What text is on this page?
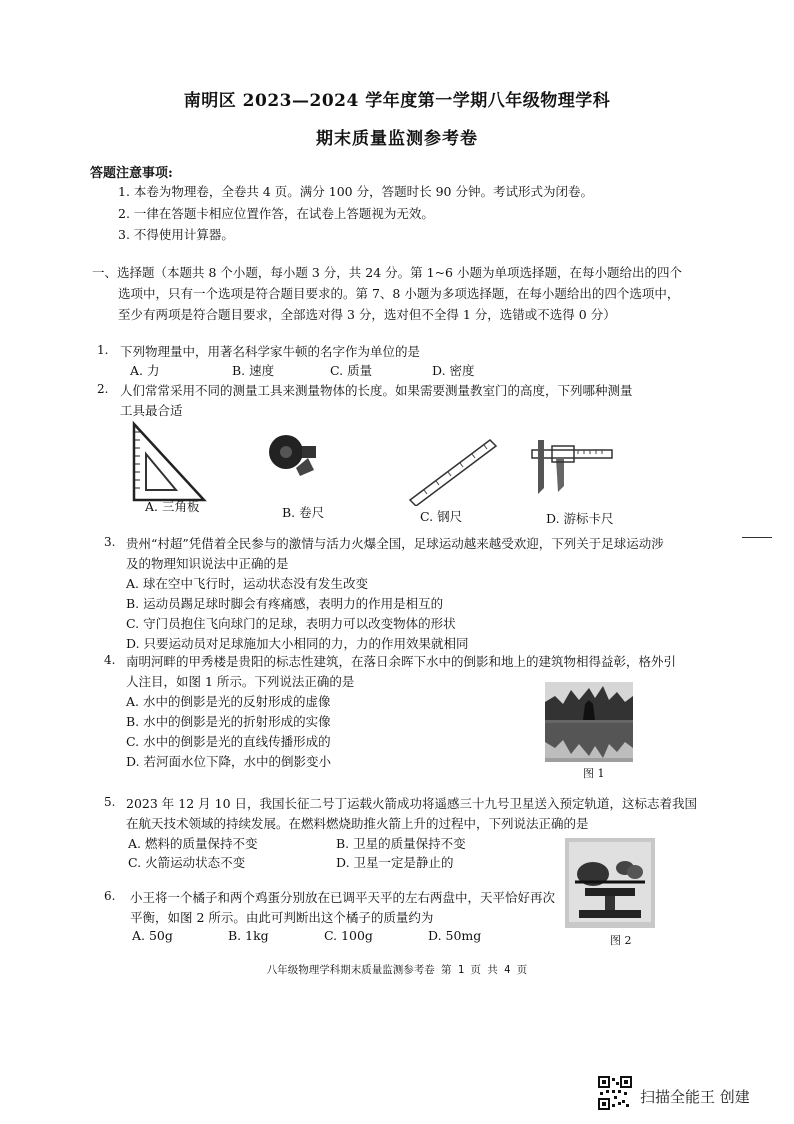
南明区 2023—2024 学年度第一学期八年级物理学科
期末质量监测参考卷
答题注意事项:
1. 本卷为物理卷，全卷共 4 页。满分 100 分，答题时长 90 分钟。考试形式为闭卷。
2. 一律在答题卡相应位置作答，在试卷上答题视为无效。
3. 不得使用计算器。
一、选择题（本题共 8 个小题，每小题 3 分，共 24 分。第 1~6 小题为单项选择题，在每小题给出的四个
选项中，只有一个选项是符合题目要求的。第 7、8 小题为多项选择题，在每小题给出的四个选项中，
至少有两项是符合题目要求，全部选对得 3 分，选对但不全得 1 分，选错或不选得 0 分）
1. 下列物理量中，用著名科学家牛顿的名字作为单位的是
A. 力	B. 速度	C. 质量	D. 密度
2. 人们常常采用不同的测量工具来测量物体的长度。如果需要测量教室门的高度，下列哪种测量
工具最合适
A. 三角板	B. 卷尺	C. 钢尺	D. 游标卡尺
3. 贵州“村超”凭借着全民参与的激情与活力火爆全国，足球运动越来越受欢迎，下列关于足球运动涉
及的物理知识说法中正确的是
A. 球在空中飞行时，运动状态没有发生改变
B. 运动员踢足球时脚会有疼痛感，表明力的作用是相互的
C. 守门员抱住飞向球门的足球，表明力可以改变物体的形状
D. 只要运动员对足球施加大小相同的力，力的作用效果就相同
4. 南明河畔的甲秀楼是贵阳的标志性建筑，在落日余晖下水中的倒影和地上的建筑物相得益彰，格外引
人注目，如图 1 所示。下列说法正确的是
A. 水中的倒影是光的反射形成的虚像
B. 水中的倒影是光的折射形成的实像
C. 水中的倒影是光的直线传播形成的
D. 若河面水位下降，水中的倒影变小
图 1
5. 2023 年 12 月 10 日，我国长征二号丁运载火箭成功将遥感三十九号卫星送入预定轨道，这标志着我国
在航天技术领域的持续发展。在燃料燃烧助推火箭上升的过程中，下列说法正确的是
A. 燃料的质量保持不变	B. 卫星的质量保持不变
C. 火箭运动状态不变	D. 卫星一定是静止的
图 2
6. 小王将一个橘子和两个鸡蛋分别放在已调平天平的左右两盘中，天平恰好再次
平衡，如图 2 所示。由此可判断出这个橘子的质量约为
A. 50g	B. 1kg	C. 100g	D. 50mg
八年级物理学科期末质量监测参考卷 第 1 页 共 4 页
扫描全能王 创建
